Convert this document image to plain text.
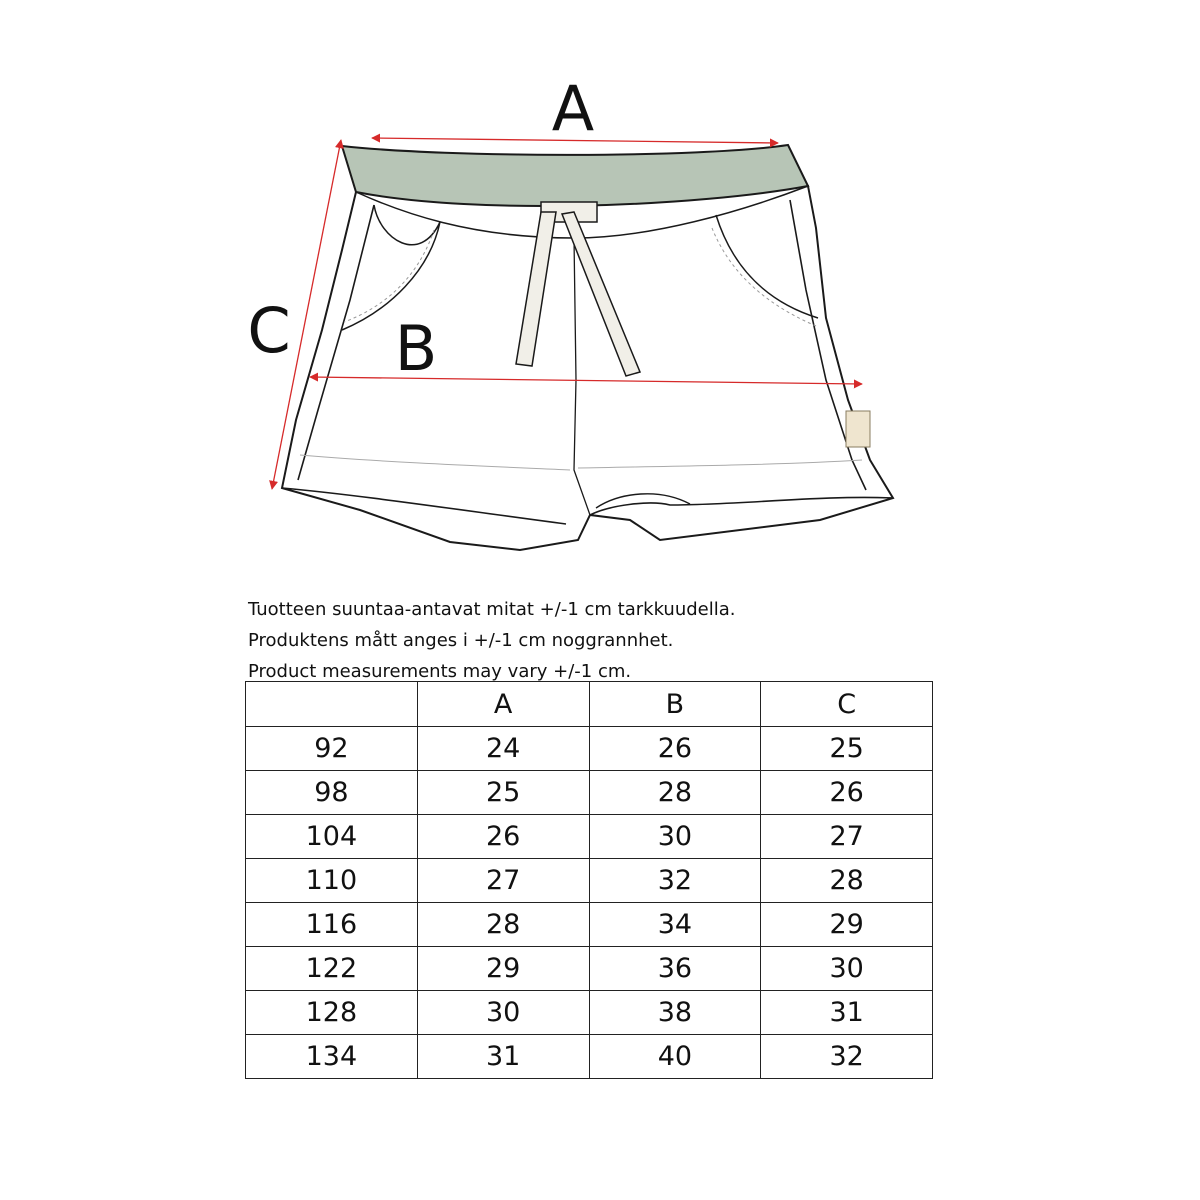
A
B
C
Tuotteen suuntaa-antavat mitat +/-1 cm tarkkuudella.
Produktens mått anges i +/-1 cm noggrannhet.
Product measurements may vary +/-1 cm.
	A	B	C
92	24	26	25
98	25	28	26
104	26	30	27
110	27	32	28
116	28	34	29
122	29	36	30
128	30	38	31
134	31	40	32
